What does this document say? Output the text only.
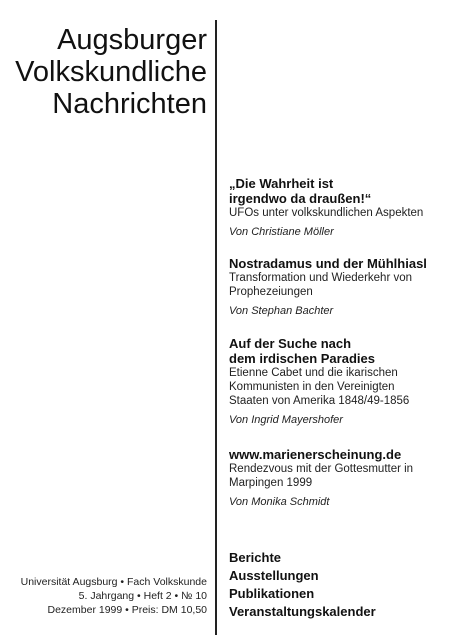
Augsburger
Volkskundliche
Nachrichten
„Die Wahrheit ist
irgendwo da draußen!“
UFOs unter volkskundlichen Aspekten
Von Christiane Möller
Nostradamus und der Mühlhiasl
Transformation und Wiederkehr von
Prophezeiungen
Von Stephan Bachter
Auf der Suche nach
dem irdischen Paradies
Etienne Cabet und die ikarischen
Kommunisten in den Vereinigten
Staaten von Amerika 1848/49-1856
Von Ingrid Mayershofer
www.marienerscheinung.de
Rendezvous mit der Gottesmutter in
Marpingen 1999
Von Monika Schmidt
Berichte
Ausstellungen
Publikationen
Veranstaltungskalender
Universität Augsburg • Fach Volkskunde
5. Jahrgang • Heft 2 • № 10
Dezember 1999 • Preis: DM 10,50
